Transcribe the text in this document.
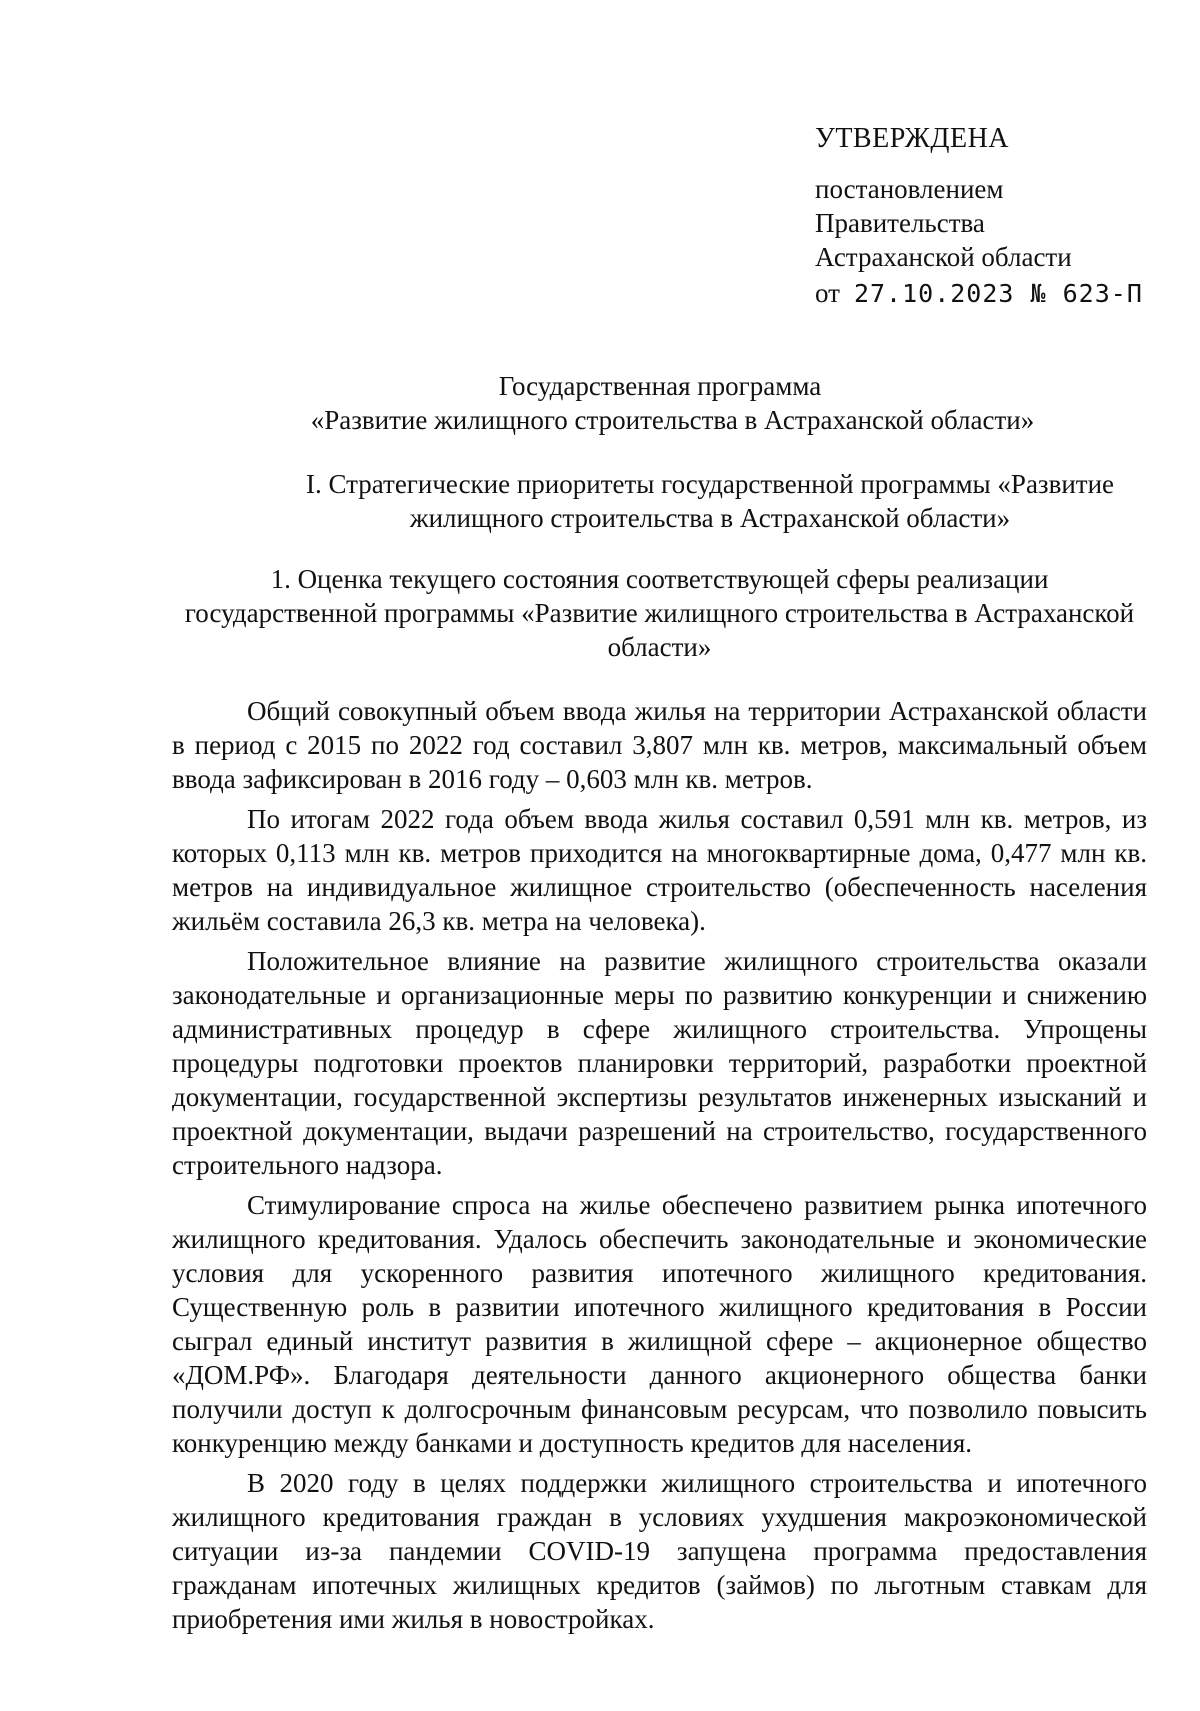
УТВЕРЖДЕНА
постановлением
Правительства
Астраханской области
от 27.10.2023 № 623-П
Государственная программа
«Развитие жилищного строительства в Астраханской области»
I. Стратегические приоритеты государственной программы «Развитие жилищного строительства в Астраханской области»
1. Оценка текущего состояния соответствующей сферы реализации государственной программы «Развитие жилищного строительства в Астраханской области»

Общий совокупный объем ввода жилья на территории Астраханской области в период с 2015 по 2022 год составил 3,807 млн кв. метров, максимальный объем ввода зафиксирован в 2016 году – 0,603 млн кв. метров.

По итогам 2022 года объем ввода жилья составил 0,591 млн кв. метров, из которых 0,113 млн кв. метров приходится на многоквартирные дома, 0,477 млн кв. метров на индивидуальное жилищное строительство (обеспеченность населения жильём составила 26,3 кв. метра на человека).

Положительное влияние на развитие жилищного строительства оказали законодательные и организационные меры по развитию конкуренции и снижению административных процедур в сфере жилищного строительства. Упрощены процедуры подготовки проектов планировки территорий, разработки проектной документации, государственной экспертизы результатов инженерных изысканий и проектной документации, выдачи разрешений на строительство, государственного строительного надзора.

Стимулирование спроса на жилье обеспечено развитием рынка ипотечного жилищного кредитования. Удалось обеспечить законодательные и экономические условия для ускоренного развития ипотечного жилищного кредитования. Существенную роль в развитии ипотечного жилищного кредитования в России сыграл единый институт развития в жилищной сфере – акционерное общество «ДОМ.РФ». Благодаря деятельности данного акционерного общества банки получили доступ к долгосрочным финансовым ресурсам, что позволило повысить конкуренцию между банками и доступность кредитов для населения.

В 2020 году в целях поддержки жилищного строительства и ипотечного жилищного кредитования граждан в условиях ухудшения макроэкономической ситуации из-за пандемии COVID-19 запущена программа предоставления гражданам ипотечных жилищных кредитов (займов) по льготным ставкам для приобретения ими жилья в новостройках.
